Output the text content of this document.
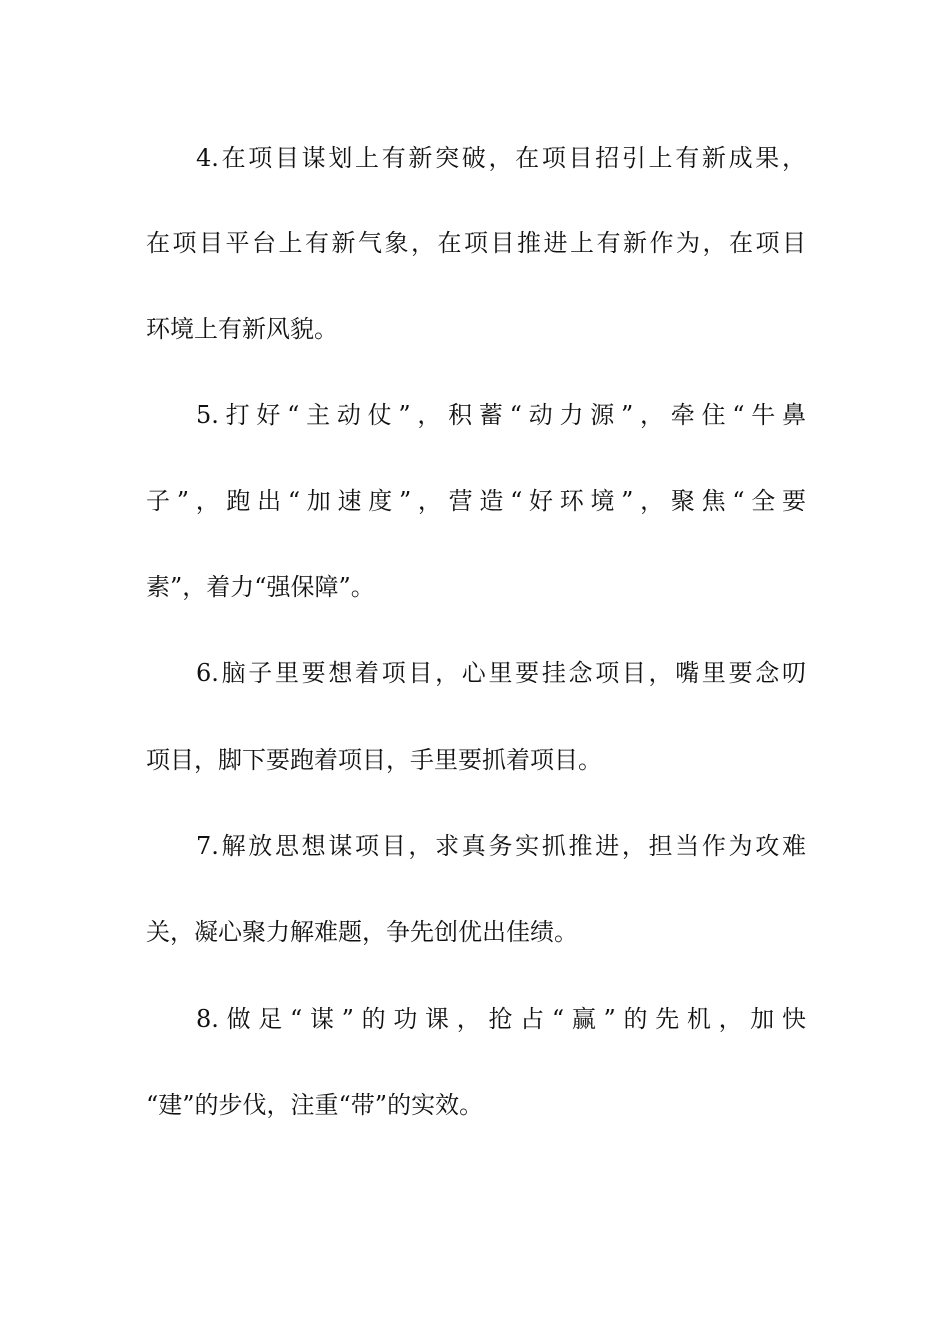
4.在项目谋划上有新突破，在项目招引上有新成果，

在项目平台上有新气象，在项目推进上有新作为，在项目

环境上有新风貌。

5.打好“主动仗”，积蓄“动力源”，牵住“牛鼻

子”，跑出“加速度”，营造“好环境”，聚焦“全要

素”，着力“强保障”。

6.脑子里要想着项目，心里要挂念项目，嘴里要念叨

项目，脚下要跑着项目，手里要抓着项目。

7.解放思想谋项目，求真务实抓推进，担当作为攻难

关，凝心聚力解难题，争先创优出佳绩。

8.做足“谋”的功课，抢占“赢”的先机，加快

“建”的步伐，注重“带”的实效。
